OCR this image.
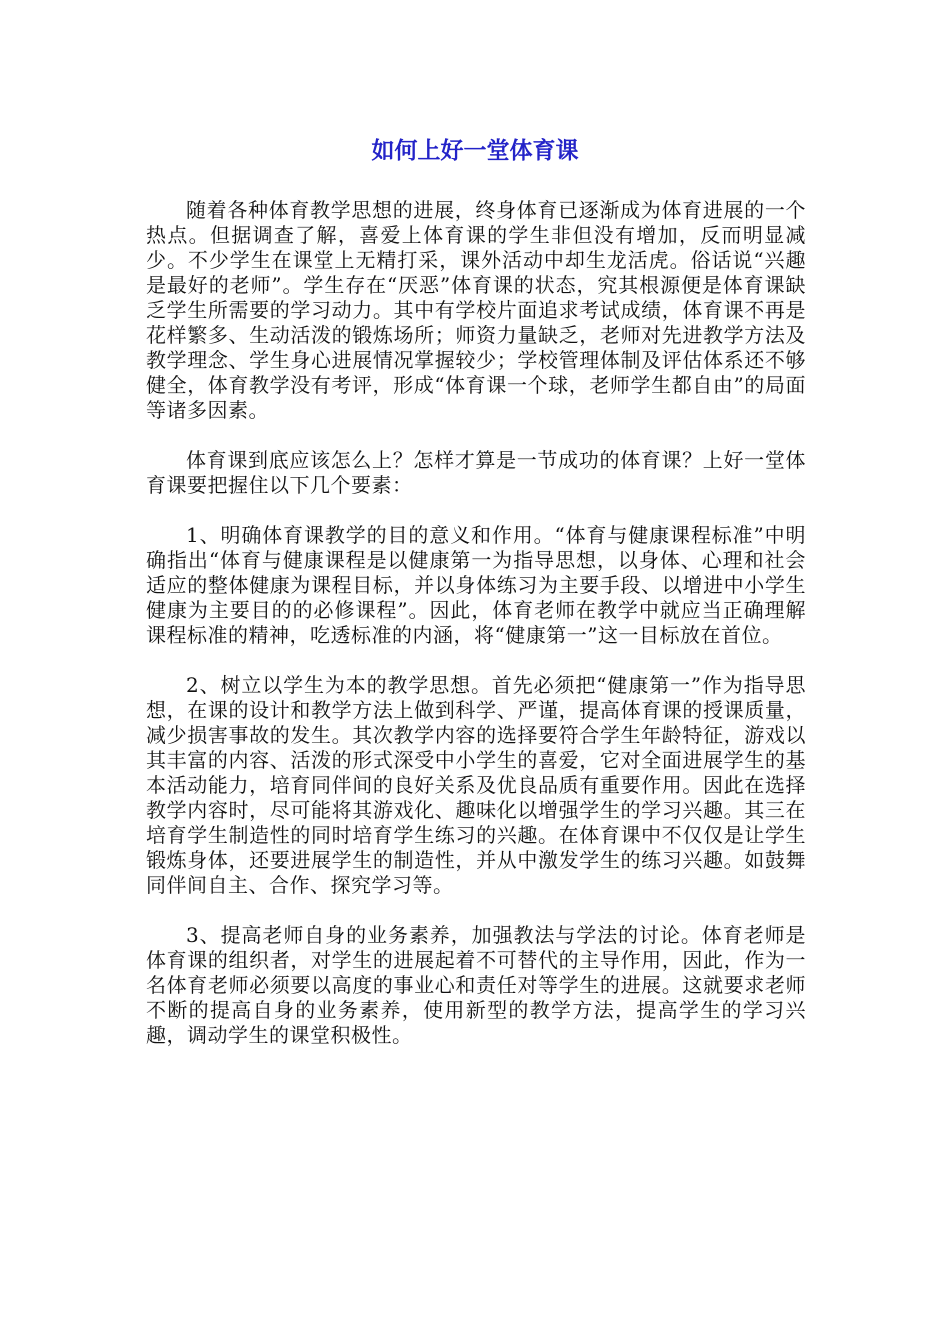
如何上好一堂体育课

随着各种体育教学思想的进展，终身体育已逐渐成为体育进展的一个热点。但据调查了解，喜爱上体育课的学生非但没有增加，反而明显减少。不少学生在课堂上无精打采，课外活动中却生龙活虎。俗话说“兴趣是最好的老师”。学生存在“厌恶”体育课的状态，究其根源便是体育课缺乏学生所需要的学习动力。其中有学校片面追求考试成绩，体育课不再是花样繁多、生动活泼的锻炼场所；师资力量缺乏，老师对先进教学方法及教学理念、学生身心进展情况掌握较少；学校管理体制及评估体系还不够健全，体育教学没有考评，形成“体育课一个球，老师学生都自由”的局面等诸多因素。

体育课到底应该怎么上？怎样才算是一节成功的体育课？上好一堂体育课要把握住以下几个要素：

1、明确体育课教学的目的意义和作用。“体育与健康课程标准”中明确指出“体育与健康课程是以健康第一为指导思想，以身体、心理和社会适应的整体健康为课程目标，并以身体练习为主要手段、以增进中小学生健康为主要目的的必修课程”。因此，体育老师在教学中就应当正确理解课程标准的精神，吃透标准的内涵，将“健康第一”这一目标放在首位。

2、树立以学生为本的教学思想。首先必须把“健康第一”作为指导思想，在课的设计和教学方法上做到科学、严谨，提高体育课的授课质量，减少损害事故的发生。其次教学内容的选择要符合学生年龄特征，游戏以其丰富的内容、活泼的形式深受中小学生的喜爱，它对全面进展学生的基本活动能力，培育同伴间的良好关系及优良品质有重要作用。因此在选择教学内容时，尽可能将其游戏化、趣味化以增强学生的学习兴趣。其三在培育学生制造性的同时培育学生练习的兴趣。在体育课中不仅仅是让学生锻炼身体，还要进展学生的制造性，并从中激发学生的练习兴趣。如鼓舞同伴间自主、合作、探究学习等。

3、提高老师自身的业务素养，加强教法与学法的讨论。体育老师是体育课的组织者，对学生的进展起着不可替代的主导作用，因此，作为一名体育老师必须要以高度的事业心和责任对等学生的进展。这就要求老师不断的提高自身的业务素养，使用新型的教学方法，提高学生的学习兴趣，调动学生的课堂积极性。
